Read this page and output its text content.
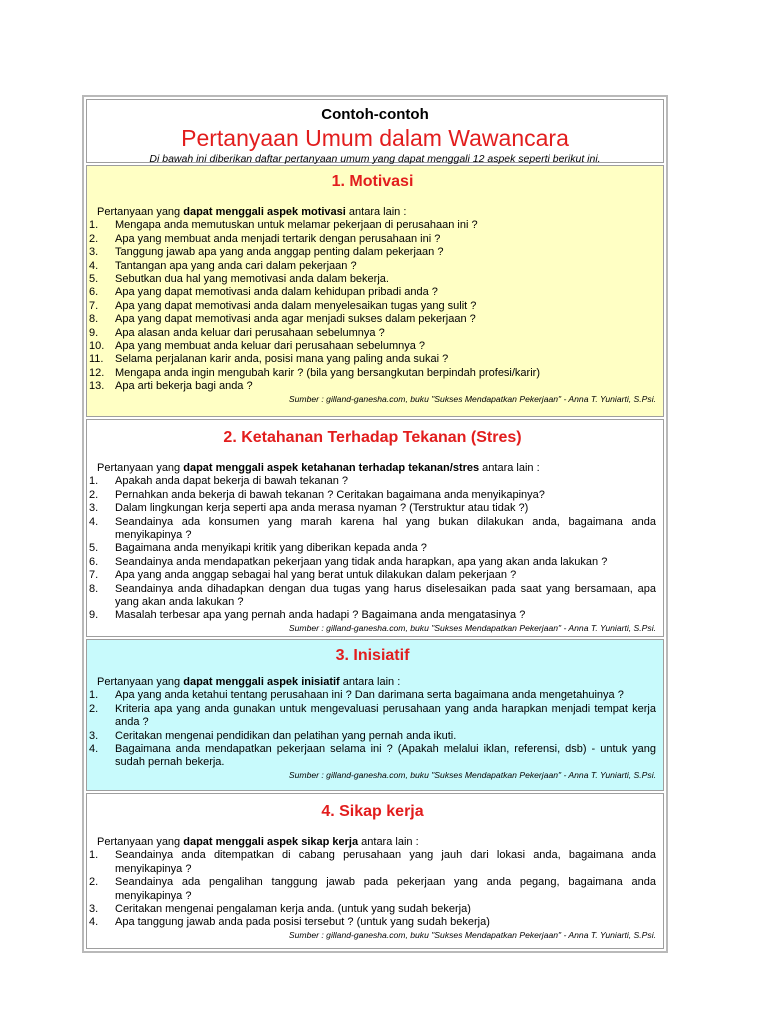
Contoh-contoh
Pertanyaan Umum dalam Wawancara
Di bawah ini diberikan daftar pertanyaan umum yang dapat menggali 12 aspek seperti berikut ini.
1. Motivasi
Pertanyaan yang dapat menggali aspek motivasi antara lain :
1.	Mengapa anda memutuskan untuk melamar pekerjaan di perusahaan ini ?
2.	Apa yang membuat anda menjadi tertarik dengan perusahaan ini ?
3.	Tanggung jawab apa yang anda anggap penting dalam pekerjaan ?
4.	Tantangan apa yang anda cari dalam pekerjaan ?
5.	Sebutkan dua hal yang memotivasi anda dalam bekerja.
6.	Apa yang dapat memotivasi anda dalam kehidupan pribadi anda ?
7.	Apa yang dapat memotivasi anda dalam menyelesaikan tugas yang sulit ?
8.	Apa yang dapat memotivasi anda agar menjadi sukses dalam pekerjaan ?
9.	Apa alasan anda keluar dari perusahaan sebelumnya ?
10. Apa yang membuat anda keluar dari perusahaan sebelumnya ?
11.	Selama perjalanan karir anda, posisi mana yang paling anda sukai ?
12. Mengapa anda ingin mengubah karir ? (bila yang bersangkutan berpindah profesi/karir)
13. Apa arti bekerja bagi anda ?
Sumber : gilland-ganesha.com, buku "Sukses Mendapatkan Pekerjaan" - Anna T. Yuniarti, S.Psi.
2. Ketahanan Terhadap Tekanan (Stres)
Pertanyaan yang dapat menggali aspek ketahanan terhadap tekanan/stres antara lain :
1.	Apakah anda dapat bekerja di bawah tekanan ?
2.	Pernahkan anda bekerja di bawah tekanan ? Ceritakan bagaimana anda menyikapinya?
3.	Dalam lingkungan kerja seperti apa anda merasa nyaman ? (Terstruktur atau tidak ?)
4.	Seandainya ada konsumen yang marah karena hal yang bukan dilakukan anda, bagaimana anda menyikapinya ?
5.	Bagaimana anda menyikapi kritik yang diberikan kepada anda ?
6.	Seandainya anda mendapatkan pekerjaan yang tidak anda harapkan, apa yang akan anda lakukan ?
7.	Apa yang anda anggap sebagai hal yang berat untuk dilakukan dalam pekerjaan ?
8.	Seandainya anda dihadapkan dengan dua tugas yang harus diselesaikan pada saat yang bersamaan, apa yang akan anda lakukan ?
9.	Masalah terbesar apa yang pernah anda hadapi ? Bagaimana anda mengatasinya ?
Sumber : gilland-ganesha.com, buku "Sukses Mendapatkan Pekerjaan" - Anna T. Yuniarti, S.Psi.
3. Inisiatif
Pertanyaan yang dapat menggali aspek inisiatif antara lain :
1.	Apa yang anda ketahui tentang perusahaan ini ? Dan darimana serta bagaimana anda mengetahuinya ?
2.	Kriteria apa yang anda gunakan untuk mengevaluasi perusahaan yang anda harapkan menjadi tempat kerja anda ?
3.	Ceritakan mengenai pendidikan dan pelatihan yang pernah anda ikuti.
4.	Bagaimana anda mendapatkan pekerjaan selama ini ? (Apakah melalui iklan, referensi, dsb) - untuk yang sudah pernah bekerja.
Sumber : gilland-ganesha.com, buku "Sukses Mendapatkan Pekerjaan" - Anna T. Yuniarti, S.Psi.
4. Sikap kerja
Pertanyaan yang dapat menggali aspek sikap kerja antara lain :
1.	Seandainya anda ditempatkan di cabang perusahaan yang jauh dari lokasi anda, bagaimana anda menyikapinya ?
2.	Seandainya ada pengalihan tanggung jawab pada pekerjaan yang anda pegang, bagaimana anda menyikapinya ?
3.	Ceritakan mengenai pengalaman kerja anda. (untuk yang sudah bekerja)
4.	Apa tanggung jawab anda pada posisi tersebut ? (untuk yang sudah bekerja)
Sumber : gilland-ganesha.com, buku "Sukses Mendapatkan Pekerjaan" - Anna T. Yuniarti, S.Psi.
